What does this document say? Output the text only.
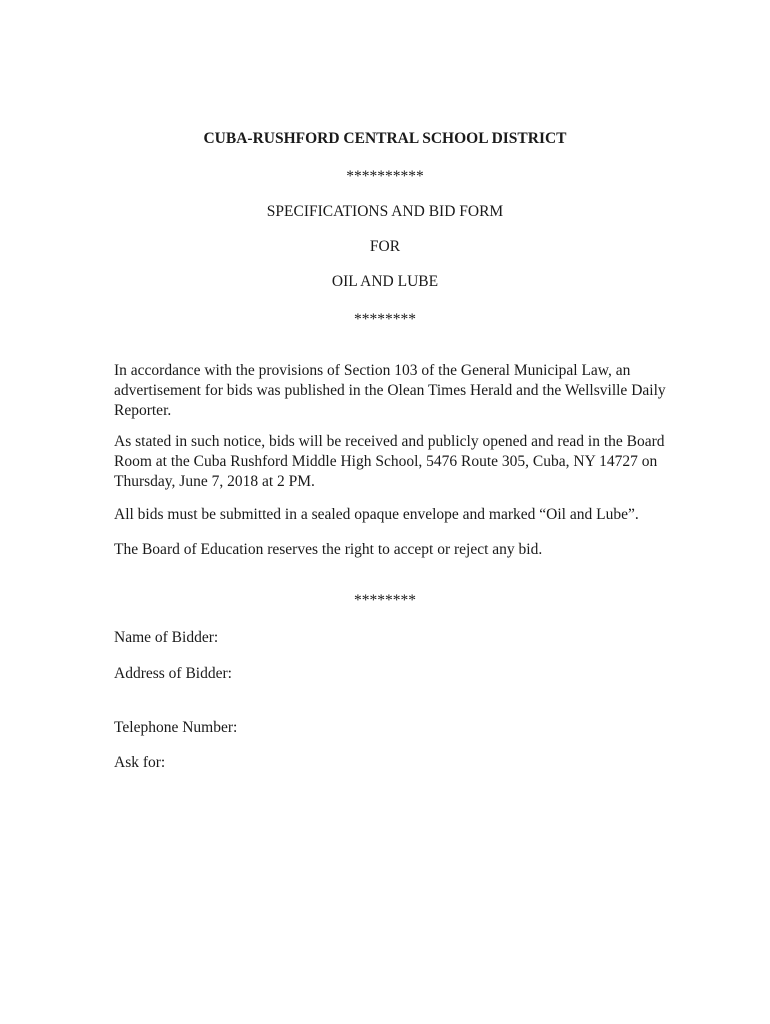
CUBA-RUSHFORD CENTRAL SCHOOL DISTRICT
**********
SPECIFICATIONS AND BID FORM
FOR
OIL AND LUBE
********
In accordance with the provisions of Section 103 of the General Municipal Law, an
advertisement for bids was published in the Olean Times Herald and the Wellsville Daily
Reporter.
As stated in such notice, bids will be received and publicly opened and read in the Board
Room at the Cuba Rushford Middle High School, 5476 Route 305, Cuba, NY 14727 on
Thursday, June 7, 2018 at 2 PM.
All bids must be submitted in a sealed opaque envelope and marked “Oil and Lube”.
The Board of Education reserves the right to accept or reject any bid.
********
Name of Bidder:
Address of Bidder:
Telephone Number:
Ask for:
